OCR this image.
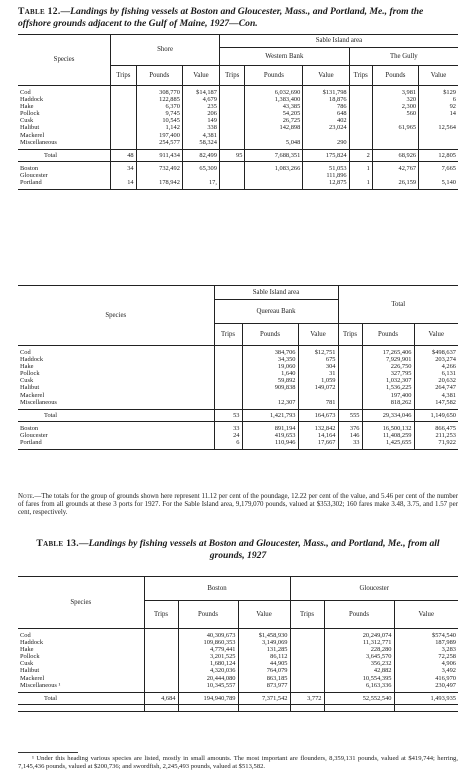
Table 12.—Landings by fishing vessels at Boston and Gloucester, Mass., and Portland, Me., from the offshore grounds adjacent to the Gulf of Maine, 1927—Con.
Species	Shore			Sable Island area					
				Western Bank			The Gully		
	Trips	Pounds	Value	Trips	Pounds	Value	Trips	Pounds	Value

Cod		308,770	$14,187		6,032,690	$131,798		3,981	$129
Haddock		122,885	4,679		1,383,400	18,876		320	6
Hake		6,370	235		43,385	786		2,300	92
Pollock		9,745	206		54,205	648		560	14
Cusk		10,545	149		26,725	402			
Halibut		1,142	338		142,898	23,024		61,965	12,564
Mackerel		197,400	4,381						
Miscellaneous		254,577	58,324		5,048	290			

Total	48	911,434	82,499	95	7,688,351	175,824	2	68,926	12,805

Boston	34	732,492	65,309		1,083,266	51,053	1	42,767	7,665
Gloucester						111,896			
Portland	14	178,942	17,			12,875	1	26,159	5,140

Species	Sable Island area			Total		
	Quereau Bank					
	Trips	Pounds	Value	Trips	Pounds	Value

Cod		384,706	$12,751		17,265,406	$498,637
Haddock		34,350	675		7,929,901	203,274
Hake		19,060	304		226,750	4,266
Pollock		1,640	31		327,795	6,131
Cusk		59,892	1,059		1,032,307	20,632
Halibut		909,838	149,072		1,536,225	264,747
Mackerel					197,400	4,381
Miscellaneous		12,307	781		818,262	147,582

Total	53	1,421,793	164,673	555	29,334,046	1,149,650

Boston	33	891,194	132,842	376	16,500,132	866,475
Gloucester	24	419,653	14,164	146	11,408,259	211,253
Portland	6	110,946	17,667	33	1,425,655	71,922

Note.—The totals for the group of grounds shown here represent 11.12 per cent of the poundage, 12.22 per cent of the value, and 5.46 per cent of the number of fares from all grounds at these 3 ports for 1927. For the Sable Island area, 9,179,070 pounds, valued at $353,302; 160 fares make 3.48, 3.75, and 1.57 per cent, respectively.
Table 13.—Landings by fishing vessels at Boston and Gloucester, Mass., and Portland, Me., from all grounds, 1927
Species	Boston			Gloucester		
	Trips	Pounds	Value	Trips	Pounds	Value

Cod		40,309,673	$1,458,930		20,249,074	$574,540
Haddock		109,860,353	3,149,069		11,312,771	187,989
Hake		4,779,441	131,285		228,280	3,283
Pollock		3,201,525	86,112		3,645,570	72,258
Cusk		1,680,124	44,905		356,232	4,906
Halibut		4,320,036	764,079		42,882	3,492
Mackerel		20,444,080	863,185		10,554,395	416,970
Miscellaneous ¹		10,345,557	873,977		6,163,336	230,497

Total	4,684	194,940,789	7,371,542	3,772	52,552,540	1,493,935

¹ Under this heading various species are listed, mostly in small amounts. The most important are flounders, 8,359,131 pounds, valued at $419,744; herring, 7,145,436 pounds, valued at $200,736; and swordfish, 2,245,493 pounds, valued at $513,582.
